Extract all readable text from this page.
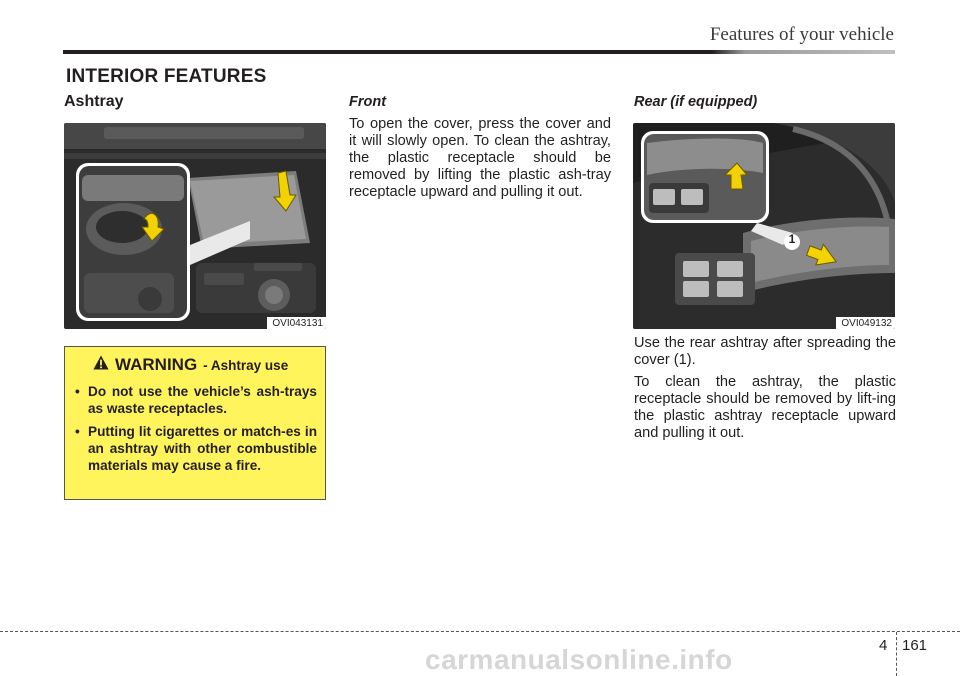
Features of your vehicle
INTERIOR FEATURES
Ashtray
OVI043131
WARNING - Ashtray use
• Do not use the vehicle’s ash-trays as waste receptacles.
• Putting lit cigarettes or match-es in an ashtray with other combustible materials may cause a fire.
Front

To open the cover, press the cover and it will slowly open. To clean the ashtray, the plastic receptacle should be removed by lifting the plastic ash-tray receptacle upward and pulling it out.

Rear (if equipped)
1
OVI049132

Use the rear ashtray after spreading the cover (1).

To clean the ashtray, the plastic receptacle should be removed by lift-ing the plastic ashtray receptacle upward and pulling it out.

4 161
carmanualsonline.info
